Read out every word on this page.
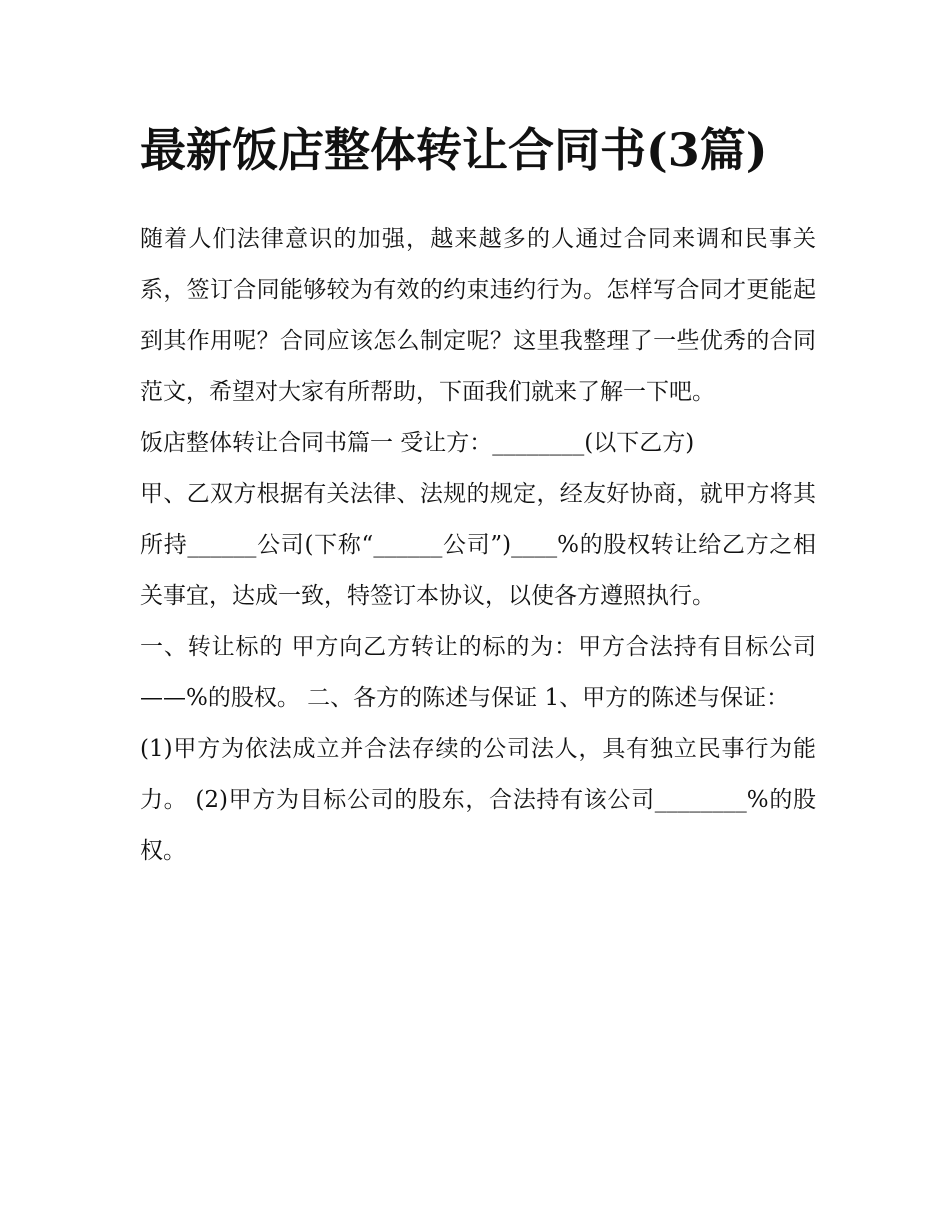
最新饭店整体转让合同书(3篇)

随着人们法律意识的加强，越来越多的人通过合同来调和民事关系，签订合同能够较为有效的约束违约行为。怎样写合同才更能起到其作用呢？合同应该怎么制定呢？这里我整理了一些优秀的合同范文，希望对大家有所帮助，下面我们就来了解一下吧。

饭店整体转让合同书篇一 受让方：________(以下乙方)

甲、乙双方根据有关法律、法规的规定，经友好协商，就甲方将其所持______公司(下称“______公司”)____%的股权转让给乙方之相关事宜，达成一致，特签订本协议，以使各方遵照执行。

一、转让标的 甲方向乙方转让的标的为：甲方合法持有目标公司——%的股权。 二、各方的陈述与保证 1、甲方的陈述与保证：

(1)甲方为依法成立并合法存续的公司法人，具有独立民事行为能力。 (2)甲方为目标公司的股东，合法持有该公司________%的股权。
